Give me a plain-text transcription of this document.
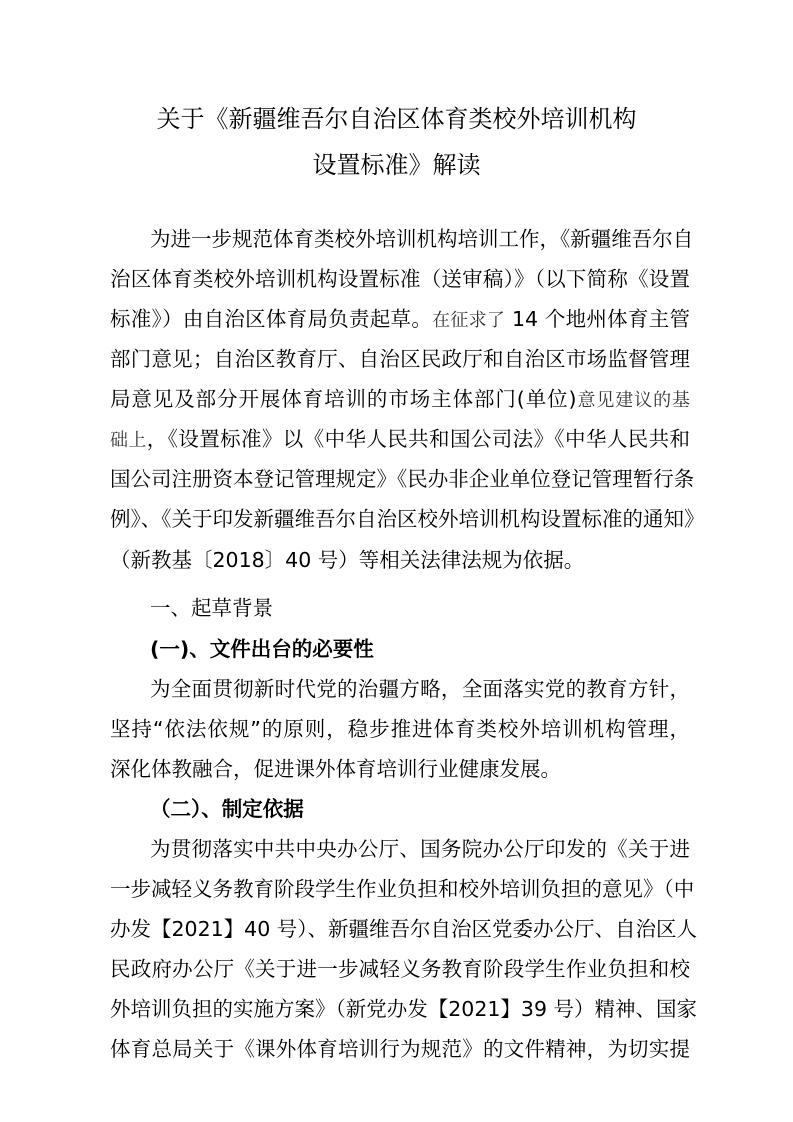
关于《新疆维吾尔自治区体育类校外培训机构
设置标准》解读
为进一步规范体育类校外培训机构培训工作，《新疆维吾尔自
治区体育类校外培训机构设置标准（送审稿）》（以下简称《设置
标准》）由自治区体育局负责起草。在征求了 14 个地州体育主管
部门意见；自治区教育厅、自治区民政厅和自治区市场监督管理
局意见及部分开展体育培训的市场主体部门(单位)意见建议的基
础上，《设置标准》以《中华人民共和国公司法》《中华人民共和
国公司注册资本登记管理规定》《民办非企业单位登记管理暂行条
例》、《关于印发新疆维吾尔自治区校外培训机构设置标准的通知》
（新教基〔2018〕40 号）等相关法律法规为依据。
一、起草背景
(一)、文件出台的必要性
为全面贯彻新时代党的治疆方略，全面落实党的教育方针，
坚持“依法依规”的原则，稳步推进体育类校外培训机构管理，
深化体教融合，促进课外体育培训行业健康发展。
（二）、制定依据
为贯彻落实中共中央办公厅、国务院办公厅印发的《关于进
一步减轻义务教育阶段学生作业负担和校外培训负担的意见》（中
办发【2021】40 号）、新疆维吾尔自治区党委办公厅、自治区人
民政府办公厅《关于进一步减轻义务教育阶段学生作业负担和校
外培训负担的实施方案》（新党办发【2021】39 号）精神、国家
体育总局关于《课外体育培训行为规范》的文件精神，为切实提
